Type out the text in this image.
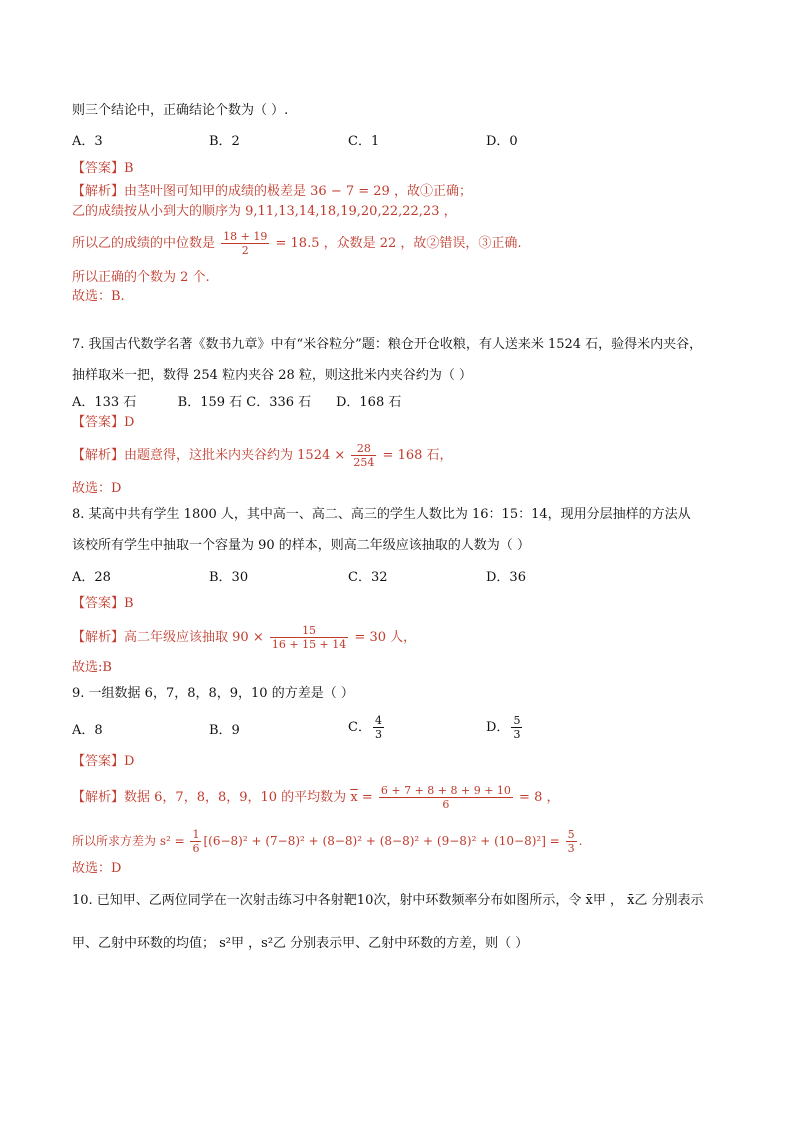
则三个结论中，正确结论个数为（ ）.
A．3	B．2	C．1	D．0
【答案】B
【解析】由茎叶图可知甲的成绩的极差是 36 − 7 = 29 ，故①正确；
乙的成绩按从小到大的顺序为 9,11,13,14,18,19,20,22,22,23 ，
所以乙的成绩的中位数是 $\frac{18 + 19}{2} = 18.5$ ，众数是 22 ，故②错误，③正确.
所以正确的个数为 2 个.
故选：B.
7. 我国古代数学名著《数书九章》中有“米谷粒分”题：粮仓开仓收粮，有人送来米 1524 石，验得米内夹谷，
抽样取米一把，数得 254 粒内夹谷 28 粒，则这批米内夹谷约为（ ）
A．133 石          B．159 石 C．336 石      D．168 石
【答案】D
【解析】由题意得，这批米内夹谷约为 $1524 \times \frac{28}{254} = 168$ 石，
故选：D
8. 某高中共有学生 1800 人，其中高一、高二、高三的学生人数比为 16：15：14，现用分层抽样的方法从
该校所有学生中抽取一个容量为 90 的样本，则高二年级应该抽取的人数为（ ）
A．28	B．30	C．32	D．36
【答案】B
【解析】高二年级应该抽取 $90 \times \frac{15}{16 + 15 + 14} = 30$ 人，
故选:B
9. 一组数据 6，7，8，8，9，10 的方差是（ ）
A．8	B．9	C． $\frac{4}{3}$	D． $\frac{5}{3}$
【答案】D
【解析】数据 6，7，8，8，9，10 的平均数为 $\overline{x} = \frac{6 + 7 + 8 + 8 + 9 + 10}{6} = 8$ ，
所以所求方差为 $s^2 = \frac{1}{6} [(6-8)^2 + (7-8)^2 + (8-8)^2 + (8-8)^2 + (9-8)^2 + (10-8)^2] = \frac{5}{3}$ .
故选：D
10. 已知甲、乙两位同学在一次射击练习中各射靶10次，射中环数频率分布如图所示，令 x̄甲 ， x̄乙 分别表示
甲、乙射中环数的均值； s²甲 ，s²乙 分别表示甲、乙射中环数的方差，则（ ）
